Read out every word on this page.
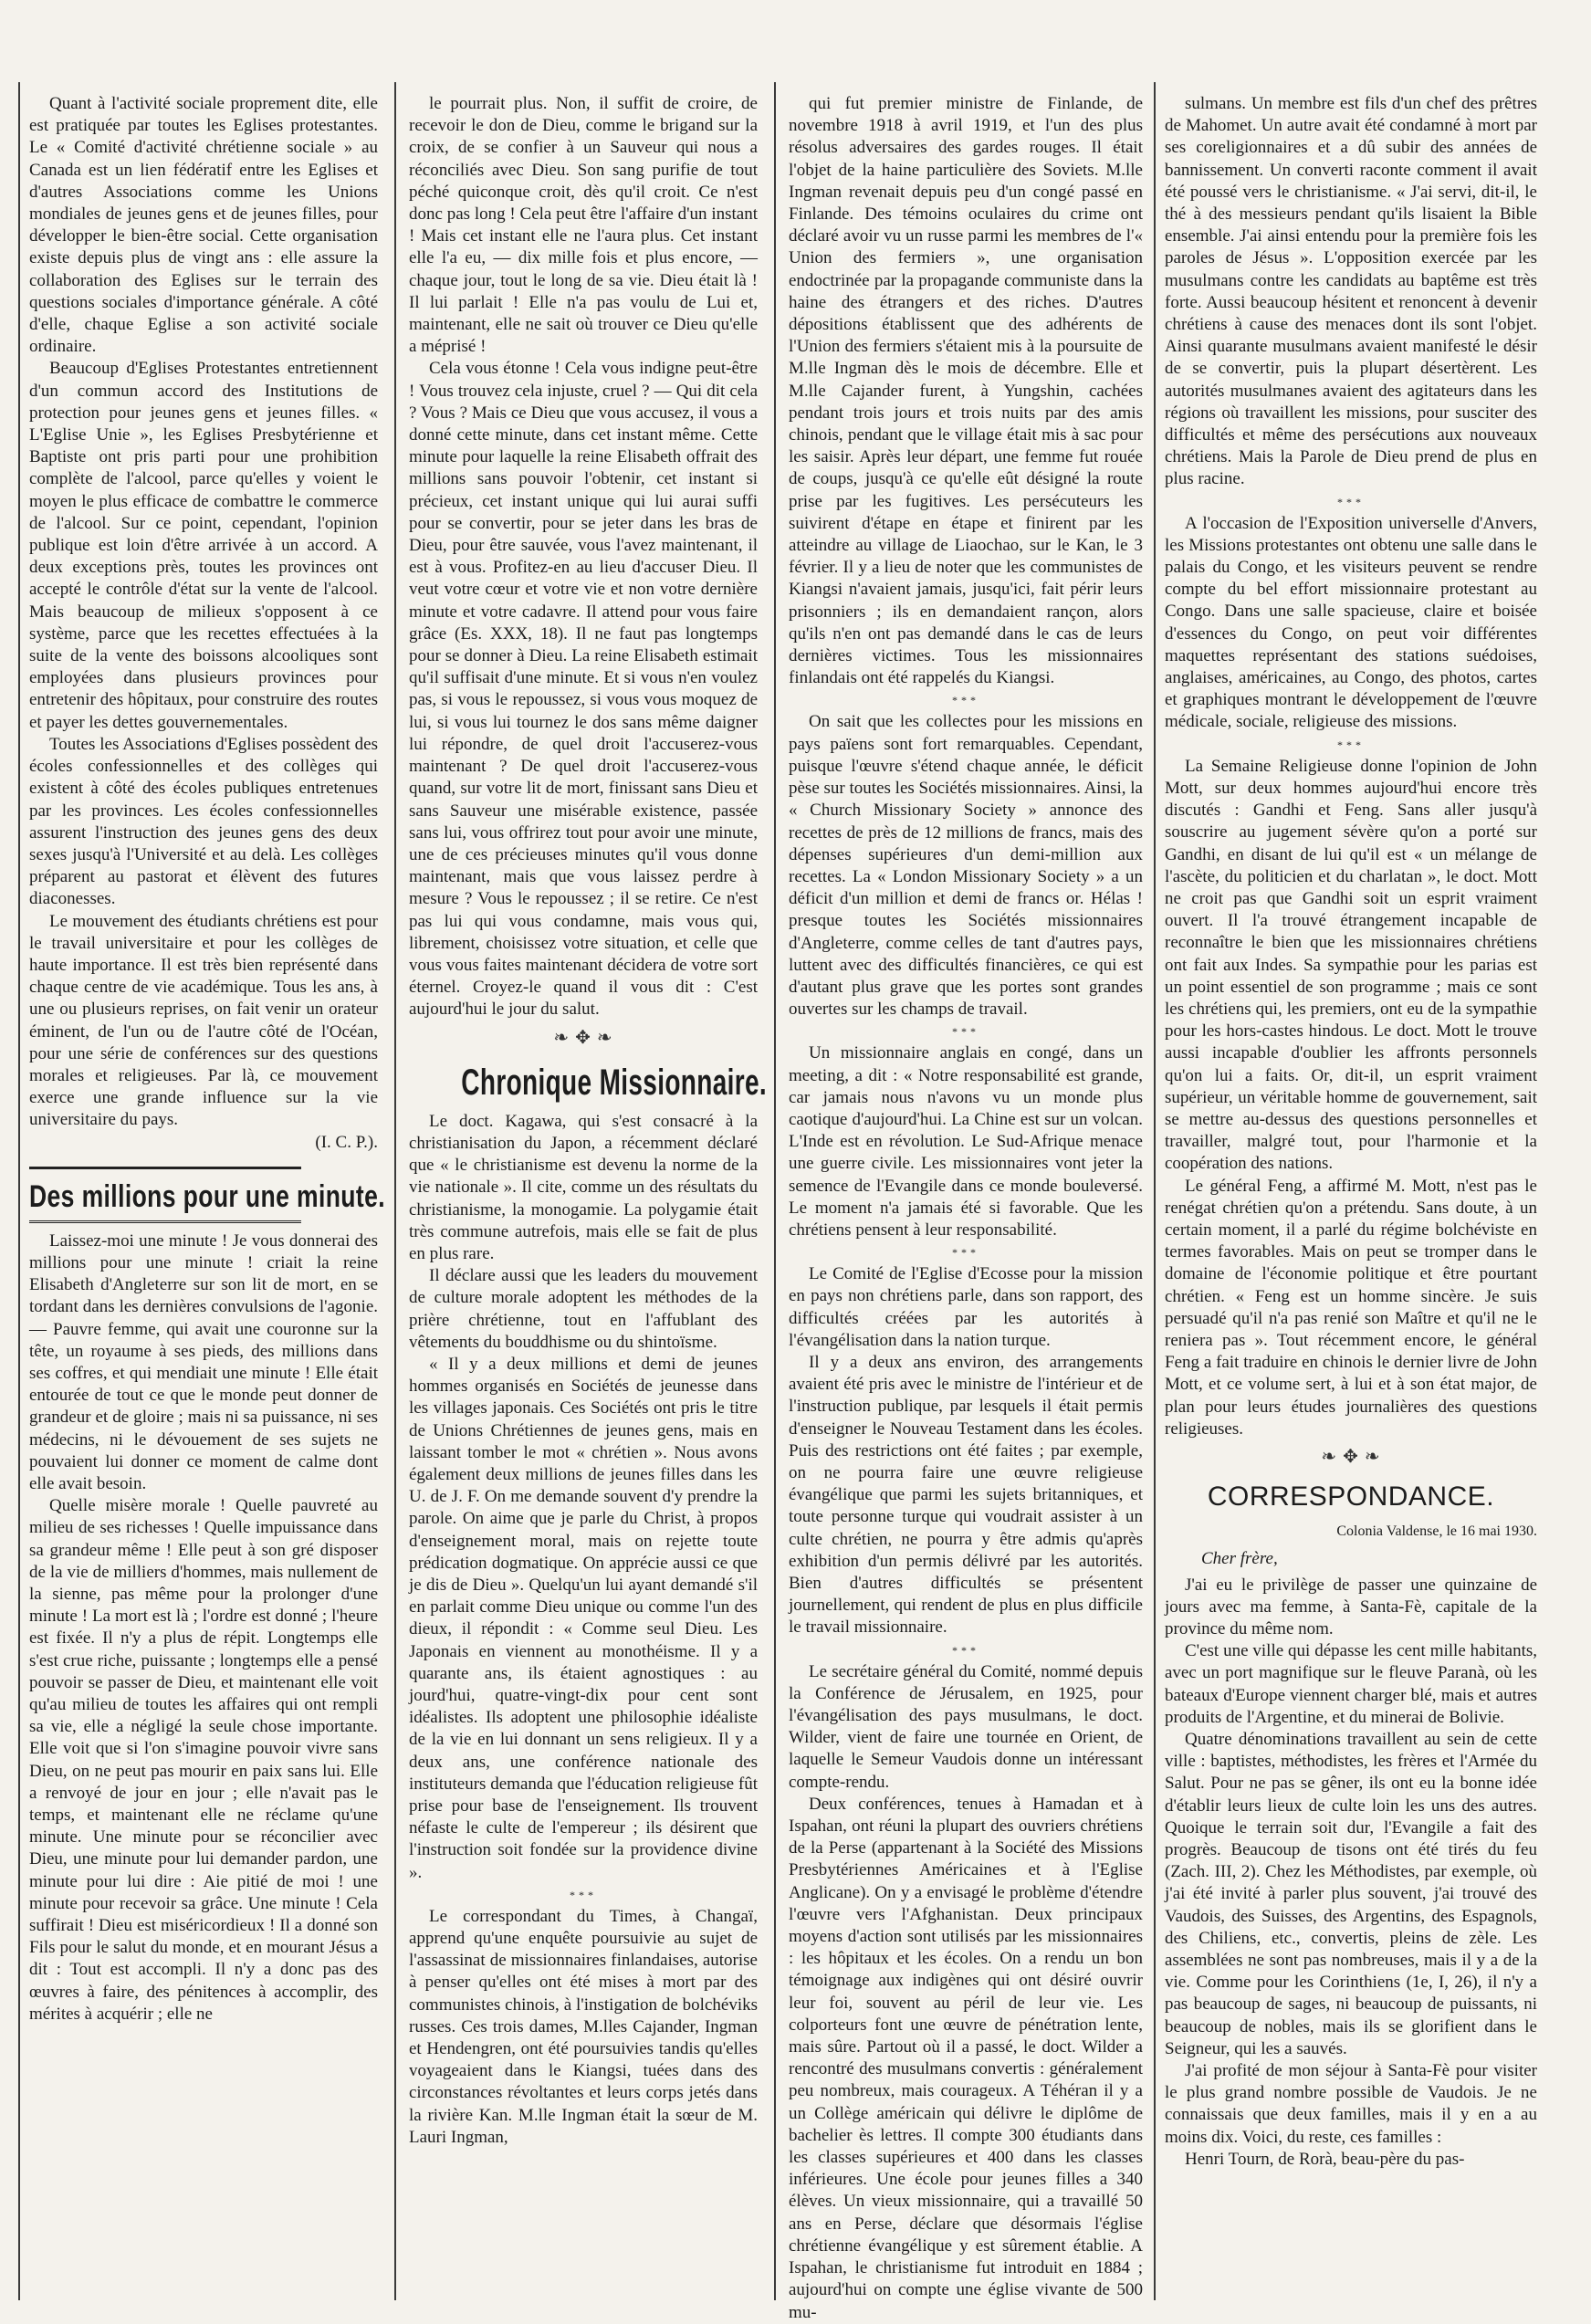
Quant à l'activité sociale proprement dite, elle est pratiquée par toutes les Eglises protestantes. Le « Comité d'activité chrétienne sociale » au Canada est un lien fédératif entre les Eglises et d'autres Associations comme les Unions mondiales de jeunes gens et de jeunes filles, pour développer le bien-être social. Cette organisation existe depuis plus de vingt ans : elle assure la collaboration des Eglises sur le terrain des questions sociales d'importance générale. A côté d'elle, chaque Eglise a son activité sociale ordinaire.

Beaucoup d'Eglises Protestantes entretiennent d'un commun accord des Institutions de protection pour jeunes gens et jeunes filles. « L'Eglise Unie », les Eglises Presbytérienne et Baptiste ont pris parti pour une prohibition complète de l'alcool, parce qu'elles y voient le moyen le plus efficace de combattre le commerce de l'alcool. Sur ce point, cependant, l'opinion publique est loin d'être arrivée à un accord. A deux exceptions près, toutes les provinces ont accepté le contrôle d'état sur la vente de l'alcool. Mais beaucoup de milieux s'opposent à ce système, parce que les recettes effectuées à la suite de la vente des boissons alcooliques sont employées dans plusieurs provinces pour entretenir des hôpitaux, pour construire des routes et payer les dettes gouvernementales.

Toutes les Associations d'Eglises possèdent des écoles confessionnelles et des collèges qui existent à côté des écoles publiques entretenues par les provinces. Les écoles confessionnelles assurent l'instruction des jeunes gens des deux sexes jusqu'à l'Université et au delà. Les collèges préparent au pastorat et élèvent des futures diaconesses.

Le mouvement des étudiants chrétiens est pour le travail universitaire et pour les collèges de haute importance. Il est très bien représenté dans chaque centre de vie académique. Tous les ans, à une ou plusieurs reprises, on fait venir un orateur éminent, de l'un ou de l'autre côté de l'Océan, pour une série de conférences sur des questions morales et religieuses. Par là, ce mouvement exerce une grande influence sur la vie universitaire du pays.

(I. C. P.).

Des millions pour une minute.

Laissez-moi une minute ! Je vous donnerai des millions pour une minute ! criait la reine Elisabeth d'Angleterre sur son lit de mort, en se tordant dans les dernières convulsions de l'agonie. — Pauvre femme, qui avait une couronne sur la tête, un royaume à ses pieds, des millions dans ses coffres, et qui mendiait une minute ! Elle était entourée de tout ce que le monde peut donner de grandeur et de gloire ; mais ni sa puissance, ni ses médecins, ni le dévouement de ses sujets ne pouvaient lui donner ce moment de calme dont elle avait besoin.

Quelle misère morale ! Quelle pauvreté au milieu de ses richesses ! Quelle impuissance dans sa grandeur même ! Elle peut à son gré disposer de la vie de milliers d'hommes, mais nullement de la sienne, pas même pour la prolonger d'une minute ! La mort est là ; l'ordre est donné ; l'heure est fixée. Il n'y a plus de répit. Longtemps elle s'est crue riche, puissante ; longtemps elle a pensé pouvoir se passer de Dieu, et maintenant elle voit qu'au milieu de toutes les affaires qui ont rempli sa vie, elle a négligé la seule chose importante. Elle voit que si l'on s'imagine pouvoir vivre sans Dieu, on ne peut pas mourir en paix sans lui. Elle a renvoyé de jour en jour ; elle n'avait pas le temps, et maintenant elle ne réclame qu'une minute. Une minute pour se réconcilier avec Dieu, une minute pour lui demander pardon, une minute pour lui dire : Aie pitié de moi ! une minute pour recevoir sa grâce. Une minute ! Cela suffirait ! Dieu est miséricordieux ! Il a donné son Fils pour le salut du monde, et en mourant Jésus a dit : Tout est accompli. Il n'y a donc pas des œuvres à faire, des pénitences à accomplir, des mérites à acquérir ; elle ne

le pourrait plus. Non, il suffit de croire, de recevoir le don de Dieu, comme le brigand sur la croix, de se confier à un Sauveur qui nous a réconciliés avec Dieu. Son sang purifie de tout péché quiconque croit, dès qu'il croit. Ce n'est donc pas long ! Cela peut être l'affaire d'un instant ! Mais cet instant elle ne l'aura plus. Cet instant elle l'a eu, — dix mille fois et plus encore, — chaque jour, tout le long de sa vie. Dieu était là ! Il lui parlait ! Elle n'a pas voulu de Lui et, maintenant, elle ne sait où trouver ce Dieu qu'elle a méprisé !

Cela vous étonne ! Cela vous indigne peut-être ! Vous trouvez cela injuste, cruel ? — Qui dit cela ? Vous ? Mais ce Dieu que vous accusez, il vous a donné cette minute, dans cet instant même. Cette minute pour laquelle la reine Elisabeth offrait des millions sans pouvoir l'obtenir, cet instant si précieux, cet instant unique qui lui aurai suffi pour se convertir, pour se jeter dans les bras de Dieu, pour être sauvée, vous l'avez maintenant, il est à vous. Profitez-en au lieu d'accuser Dieu. Il veut votre cœur et votre vie et non votre dernière minute et votre cadavre. Il attend pour vous faire grâce (Es. XXX, 18). Il ne faut pas longtemps pour se donner à Dieu. La reine Elisabeth estimait qu'il suffisait d'une minute. Et si vous n'en voulez pas, si vous le repoussez, si vous vous moquez de lui, si vous lui tournez le dos sans même daigner lui répondre, de quel droit l'accuserez-vous maintenant ? De quel droit l'accuserez-vous quand, sur votre lit de mort, finissant sans Dieu et sans Sauveur une misérable existence, passée sans lui, vous offrirez tout pour avoir une minute, une de ces précieuses minutes qu'il vous donne maintenant, mais que vous laissez perdre à mesure ? Vous le repoussez ; il se retire. Ce n'est pas lui qui vous condamne, mais vous qui, librement, choisissez votre situation, et celle que vous vous faites maintenant décidera de votre sort éternel. Croyez-le quand il vous dit : C'est aujourd'hui le jour du salut.

❧ ✥ ❧
Chronique Missionnaire.

Le doct. Kagawa, qui s'est consacré à la christianisation du Japon, a récemment déclaré que « le christianisme est devenu la norme de la vie nationale ». Il cite, comme un des résultats du christianisme, la monogamie. La polygamie était très commune autrefois, mais elle se fait de plus en plus rare.

Il déclare aussi que les leaders du mouvement de culture morale adoptent les méthodes de la prière chrétienne, tout en l'affublant des vêtements du bouddhisme ou du shintoïsme.

« Il y a deux millions et demi de jeunes hommes organisés en Sociétés de jeunesse dans les villages japonais. Ces Sociétés ont pris le titre de Unions Chrétiennes de jeunes gens, mais en laissant tomber le mot « chrétien ». Nous avons également deux millions de jeunes filles dans les U. de J. F. On me demande souvent d'y prendre la parole. On aime que je parle du Christ, à propos d'enseignement moral, mais on rejette toute prédication dogmatique. On apprécie aussi ce que je dis de Dieu ». Quelqu'un lui ayant demandé s'il en parlait comme Dieu unique ou comme l'un des dieux, il répondit : « Comme seul Dieu. Les Japonais en viennent au monothéisme. Il y a quarante ans, ils étaient agnostiques : au jourd'hui, quatre-vingt-dix pour cent sont idéalistes. Ils adoptent une philosophie idéaliste de la vie en lui donnant un sens religieux. Il y a deux ans, une conférence nationale des instituteurs demanda que l'éducation religieuse fût prise pour base de l'enseignement. Ils trouvent néfaste le culte de l'empereur ; ils désirent que l'instruction soit fondée sur la providence divine ».

***

Le correspondant du Times, à Changaï, apprend qu'une enquête poursuivie au sujet de l'assassinat de missionnaires finlandaises, autorise à penser qu'elles ont été mises à mort par des communistes chinois, à l'instigation de bolchéviks russes. Ces trois dames, M.lles Cajander, Ingman et Hendengren, ont été poursuivies tandis qu'elles voyageaient dans le Kiangsi, tuées dans des circonstances révoltantes et leurs corps jetés dans la rivière Kan. M.lle Ingman était la sœur de M. Lauri Ingman,

qui fut premier ministre de Finlande, de novembre 1918 à avril 1919, et l'un des plus résolus adversaires des gardes rouges. Il était l'objet de la haine particulière des Soviets. M.lle Ingman revenait depuis peu d'un congé passé en Finlande. Des témoins oculaires du crime ont déclaré avoir vu un russe parmi les membres de l'« Union des fermiers », une organisation endoctrinée par la propagande communiste dans la haine des étrangers et des riches. D'autres dépositions établissent que des adhérents de l'Union des fermiers s'étaient mis à la poursuite de M.lle Ingman dès le mois de décembre. Elle et M.lle Cajander furent, à Yungshin, cachées pendant trois jours et trois nuits par des amis chinois, pendant que le village était mis à sac pour les saisir. Après leur départ, une femme fut rouée de coups, jusqu'à ce qu'elle eût désigné la route prise par les fugitives. Les persécuteurs les suivirent d'étape en étape et finirent par les atteindre au village de Liaochao, sur le Kan, le 3 février. Il y a lieu de noter que les communistes de Kiangsi n'avaient jamais, jusqu'ici, fait périr leurs prisonniers ; ils en demandaient rançon, alors qu'ils n'en ont pas demandé dans le cas de leurs dernières victimes. Tous les missionnaires finlandais ont été rappelés du Kiangsi.

***

On sait que les collectes pour les missions en pays païens sont fort remarquables. Cependant, puisque l'œuvre s'étend chaque année, le déficit pèse sur toutes les Sociétés missionnaires. Ainsi, la « Church Missionary Society » annonce des recettes de près de 12 millions de francs, mais des dépenses supérieures d'un demi-million aux recettes. La « London Missionary Society » a un déficit d'un million et demi de francs or. Hélas ! presque toutes les Sociétés missionnaires d'Angleterre, comme celles de tant d'autres pays, luttent avec des difficultés financières, ce qui est d'autant plus grave que les portes sont grandes ouvertes sur les champs de travail.

***

Un missionnaire anglais en congé, dans un meeting, a dit : « Notre responsabilité est grande, car jamais nous n'avons vu un monde plus caotique d'aujourd'hui. La Chine est sur un volcan. L'Inde est en révolution. Le Sud-Afrique menace une guerre civile. Les missionnaires vont jeter la semence de l'Evangile dans ce monde bouleversé. Le moment n'a jamais été si favorable. Que les chrétiens pensent à leur responsabilité.

***

Le Comité de l'Eglise d'Ecosse pour la mission en pays non chrétiens parle, dans son rapport, des difficultés créées par les autorités à l'évangélisation dans la nation turque.

Il y a deux ans environ, des arrangements avaient été pris avec le ministre de l'intérieur et de l'instruction publique, par lesquels il était permis d'enseigner le Nouveau Testament dans les écoles. Puis des restrictions ont été faites ; par exemple, on ne pourra faire une œuvre religieuse évangélique que parmi les sujets britanniques, et toute personne turque qui voudrait assister à un culte chrétien, ne pourra y être admis qu'après exhibition d'un permis délivré par les autorités. Bien d'autres difficultés se présentent journellement, qui rendent de plus en plus difficile le travail missionnaire.

***

Le secrétaire général du Comité, nommé depuis la Conférence de Jérusalem, en 1925, pour l'évangélisation des pays musulmans, le doct. Wilder, vient de faire une tournée en Orient, de laquelle le Semeur Vaudois donne un intéressant compte-rendu.

Deux conférences, tenues à Hamadan et à Ispahan, ont réuni la plupart des ouvriers chrétiens de la Perse (appartenant à la Société des Missions Presbytériennes Américaines et à l'Eglise Anglicane). On y a envisagé le problème d'étendre l'œuvre vers l'Afghanistan. Deux principaux moyens d'action sont utilisés par les missionnaires : les hôpitaux et les écoles. On a rendu un bon témoignage aux indigènes qui ont désiré ouvrir leur foi, souvent au péril de leur vie. Les colporteurs font une œuvre de pénétration lente, mais sûre. Partout où il a passé, le doct. Wilder a rencontré des musulmans convertis : généralement peu nombreux, mais courageux. A Téhéran il y a un Collège américain qui délivre le diplôme de bachelier ès lettres. Il compte 300 étudiants dans les classes supérieures et 400 dans les classes inférieures. Une école pour jeunes filles a 340 élèves. Un vieux missionnaire, qui a travaillé 50 ans en Perse, déclare que désormais l'église chrétienne évangélique y est sûrement établie. A Ispahan, le christianisme fut introduit en 1884 ; aujourd'hui on compte une église vivante de 500 mu-

sulmans. Un membre est fils d'un chef des prêtres de Mahomet. Un autre avait été condamné à mort par ses coreligionnaires et a dû subir des années de bannissement. Un converti raconte comment il avait été poussé vers le christianisme. « J'ai servi, dit-il, le thé à des messieurs pendant qu'ils lisaient la Bible ensemble. J'ai ainsi entendu pour la première fois les paroles de Jésus ». L'opposition exercée par les musulmans contre les candidats au baptême est très forte. Aussi beaucoup hésitent et renoncent à devenir chrétiens à cause des menaces dont ils sont l'objet. Ainsi quarante musulmans avaient manifesté le désir de se convertir, puis la plupart désertèrent. Les autorités musulmanes avaient des agitateurs dans les régions où travaillent les missions, pour susciter des difficultés et même des persécutions aux nouveaux chrétiens. Mais la Parole de Dieu prend de plus en plus racine.

***

A l'occasion de l'Exposition universelle d'Anvers, les Missions protestantes ont obtenu une salle dans le palais du Congo, et les visiteurs peuvent se rendre compte du bel effort missionnaire protestant au Congo. Dans une salle spacieuse, claire et boisée d'essences du Congo, on peut voir différentes maquettes représentant des stations suédoises, anglaises, américaines, au Congo, des photos, cartes et graphiques montrant le développement de l'œuvre médicale, sociale, religieuse des missions.

***

La Semaine Religieuse donne l'opinion de John Mott, sur deux hommes aujourd'hui encore très discutés : Gandhi et Feng. Sans aller jusqu'à souscrire au jugement sévère qu'on a porté sur Gandhi, en disant de lui qu'il est « un mélange de l'ascète, du politicien et du charlatan », le doct. Mott ne croit pas que Gandhi soit un esprit vraiment ouvert. Il l'a trouvé étrangement incapable de reconnaître le bien que les missionnaires chrétiens ont fait aux Indes. Sa sympathie pour les parias est un point essentiel de son programme ; mais ce sont les chrétiens qui, les premiers, ont eu de la sympathie pour les hors-castes hindous. Le doct. Mott le trouve aussi incapable d'oublier les affronts personnels qu'on lui a faits. Or, dit-il, un esprit vraiment supérieur, un véritable homme de gouvernement, sait se mettre au-dessus des questions personnelles et travailler, malgré tout, pour l'harmonie et la coopération des nations.

Le général Feng, a affirmé M. Mott, n'est pas le renégat chrétien qu'on a prétendu. Sans doute, à un certain moment, il a parlé du régime bolchéviste en termes favorables. Mais on peut se tromper dans le domaine de l'économie politique et être pourtant chrétien. « Feng est un homme sincère. Je suis persuadé qu'il n'a pas renié son Maître et qu'il ne le reniera pas ». Tout récemment encore, le général Feng a fait traduire en chinois le dernier livre de John Mott, et ce volume sert, à lui et à son état major, de plan pour leurs études journalières des questions religieuses.

❧ ✥ ❧
CORRESPONDANCE.
Colonia Valdense, le 16 mai 1930.

Cher frère,

J'ai eu le privilège de passer une quinzaine de jours avec ma femme, à Santa-Fè, capitale de la province du même nom.

C'est une ville qui dépasse les cent mille habitants, avec un port magnifique sur le fleuve Paranà, où les bateaux d'Europe viennent charger blé, mais et autres produits de l'Argentine, et du minerai de Bolivie.

Quatre dénominations travaillent au sein de cette ville : baptistes, méthodistes, les frères et l'Armée du Salut. Pour ne pas se gêner, ils ont eu la bonne idée d'établir leurs lieux de culte loin les uns des autres. Quoique le terrain soit dur, l'Evangile a fait des progrès. Beaucoup de tisons ont été tirés du feu (Zach. III, 2). Chez les Méthodistes, par exemple, où j'ai été invité à parler plus souvent, j'ai trouvé des Vaudois, des Suisses, des Argentins, des Espagnols, des Chiliens, etc., convertis, pleins de zèle. Les assemblées ne sont pas nombreuses, mais il y a de la vie. Comme pour les Corinthiens (1e, I, 26), il n'y a pas beaucoup de sages, ni beaucoup de puissants, ni beaucoup de nobles, mais ils se glorifient dans le Seigneur, qui les a sauvés.

J'ai profité de mon séjour à Santa-Fè pour visiter le plus grand nombre possible de Vaudois. Je ne connaissais que deux familles, mais il y en a au moins dix. Voici, du reste, ces familles :

Henri Tourn, de Rorà, beau-père du pas-
